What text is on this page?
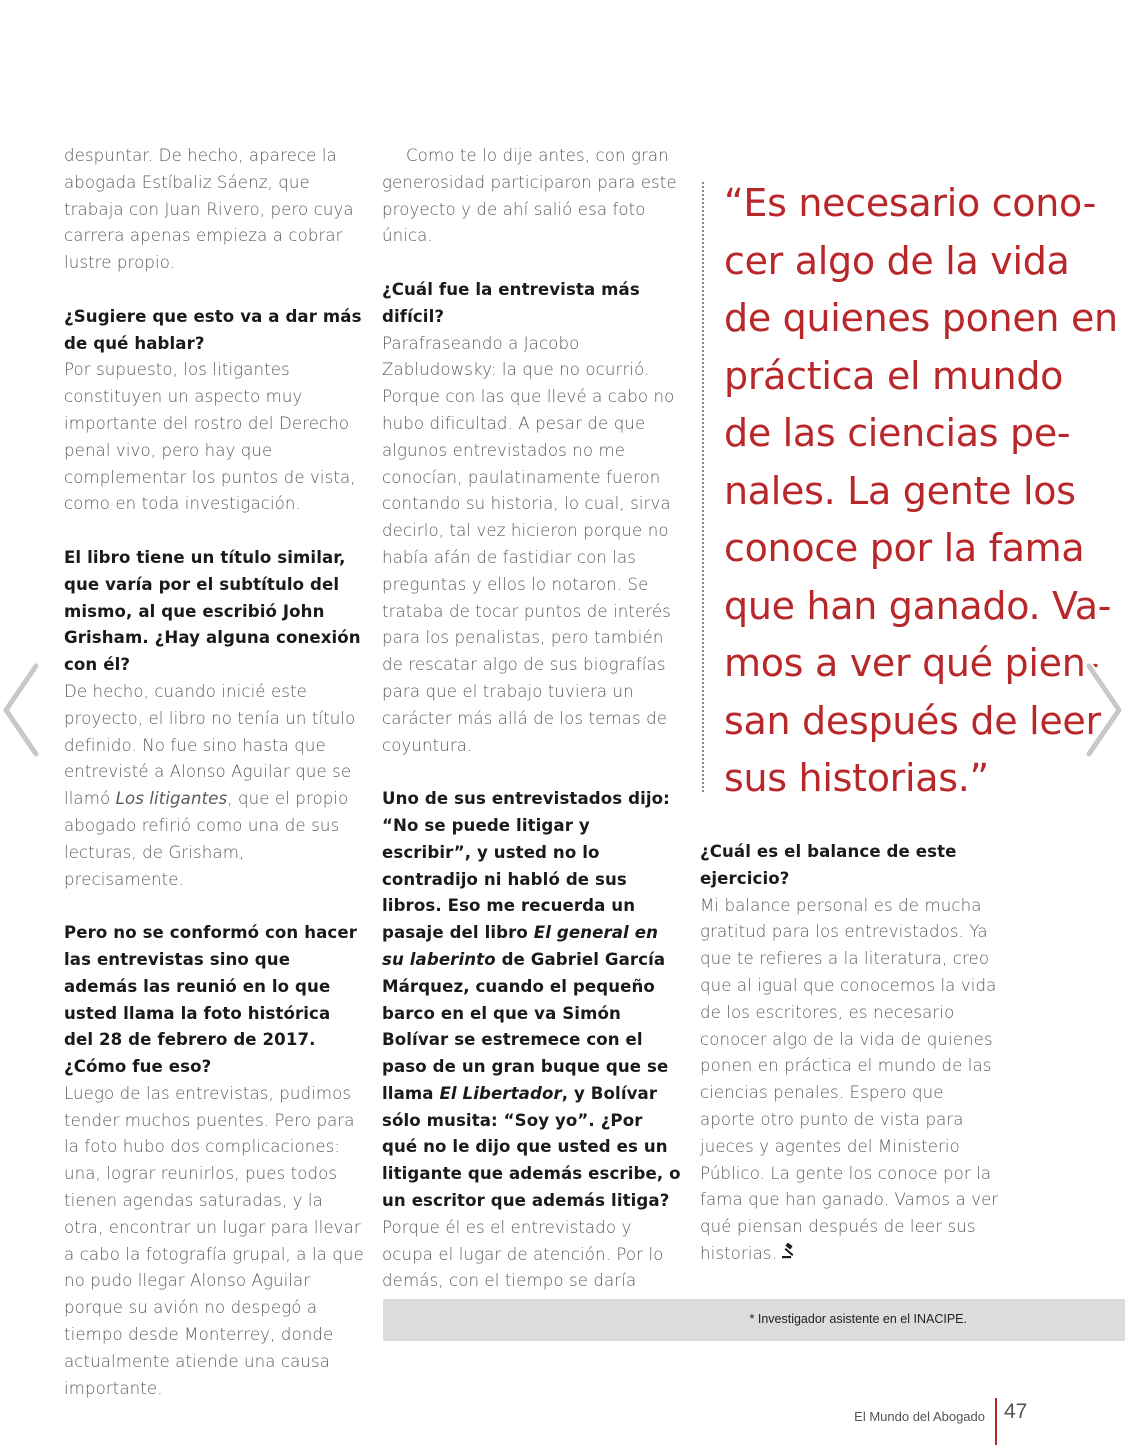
despuntar. De hecho, aparece la abogada Estíbaliz Sáenz, que trabaja con Juan Rivero, pero cuya carrera apenas empieza a cobrar lustre propio.

¿Sugiere que esto va a dar más de qué hablar?

Por supuesto, los litigantes constituyen un aspecto muy importante del rostro del Derecho penal vivo, pero hay que complementar los puntos de vista, como en toda investigación.

El libro tiene un título similar, que varía por el subtítulo del mismo, al que escribió John Grisham. ¿Hay alguna conexión con él?

De hecho, cuando inicié este proyecto, el libro no tenía un título definido. No fue sino hasta que entrevisté a Alonso Aguilar que se llamó Los litigantes, que el propio abogado refirió como una de sus lecturas, de Grisham, precisamente.

Pero no se conformó con hacer las entrevistas sino que además las reunió en lo que usted llama la foto histórica del 28 de febrero de 2017. ¿Cómo fue eso?

Luego de las entrevistas, pudimos tender muchos puentes. Pero para la foto hubo dos complicaciones: una, lograr reunirlos, pues todos tienen agendas saturadas, y la otra, encontrar un lugar para llevar a cabo la fotografía grupal, a la que no pudo llegar Alonso Aguilar porque su avión no despegó a tiempo desde Monterrey, donde actualmente atiende una causa importante.

Como te lo dije antes, con gran generosidad participaron para este proyecto y de ahí salió esa foto única.

¿Cuál fue la entrevista más difícil?

Parafraseando a Jacobo Zabludowsky: la que no ocurrió. Porque con las que llevé a cabo no hubo dificultad. A pesar de que algunos entrevistados no me conocían, paulatinamente fueron contando su historia, lo cual, sirva decirlo, tal vez hicieron porque no había afán de fastidiar con las preguntas y ellos lo notaron. Se trataba de tocar puntos de interés para los penalistas, pero también de rescatar algo de sus biografías para que el trabajo tuviera un carácter más allá de los temas de coyuntura.

Uno de sus entrevistados dijo: “No se puede litigar y escribir”, y usted no lo contradijo ni habló de sus libros. Eso me recuerda un pasaje del libro El general en su laberinto de Gabriel García Márquez, cuando el pequeño barco en el que va Simón Bolívar se estremece con el paso de un gran buque que se llama El Libertador, y Bolívar sólo musita: “Soy yo”. ¿Por qué no le dijo que usted es un litigante que además escribe, o un escritor que además litiga?

Porque él es el entrevistado y ocupa el lugar de atención. Por lo demás, con el tiempo se daría

“Es necesario cono-
cer algo de la vida
de quienes ponen en
práctica el mundo
de las ciencias pe-
nales. La gente los
conoce por la fama
que han ganado. Va-
mos a ver qué pien-
san después de leer
sus historias.”

¿Cuál es el balance de este ejercicio?

Mi balance personal es de mucha gratitud para los entrevistados. Ya que te refieres a la literatura, creo que al igual que conocemos la vida de los escritores, es necesario conocer algo de la vida de quienes ponen en práctica el mundo de las ciencias penales. Espero que aporte otro punto de vista para jueces y agentes del Ministerio Público. La gente los conoce por la fama que han ganado. Vamos a ver qué piensan después de leer sus historias.

* Investigador asistente en el INACIPE.
El Mundo del Abogado 47
